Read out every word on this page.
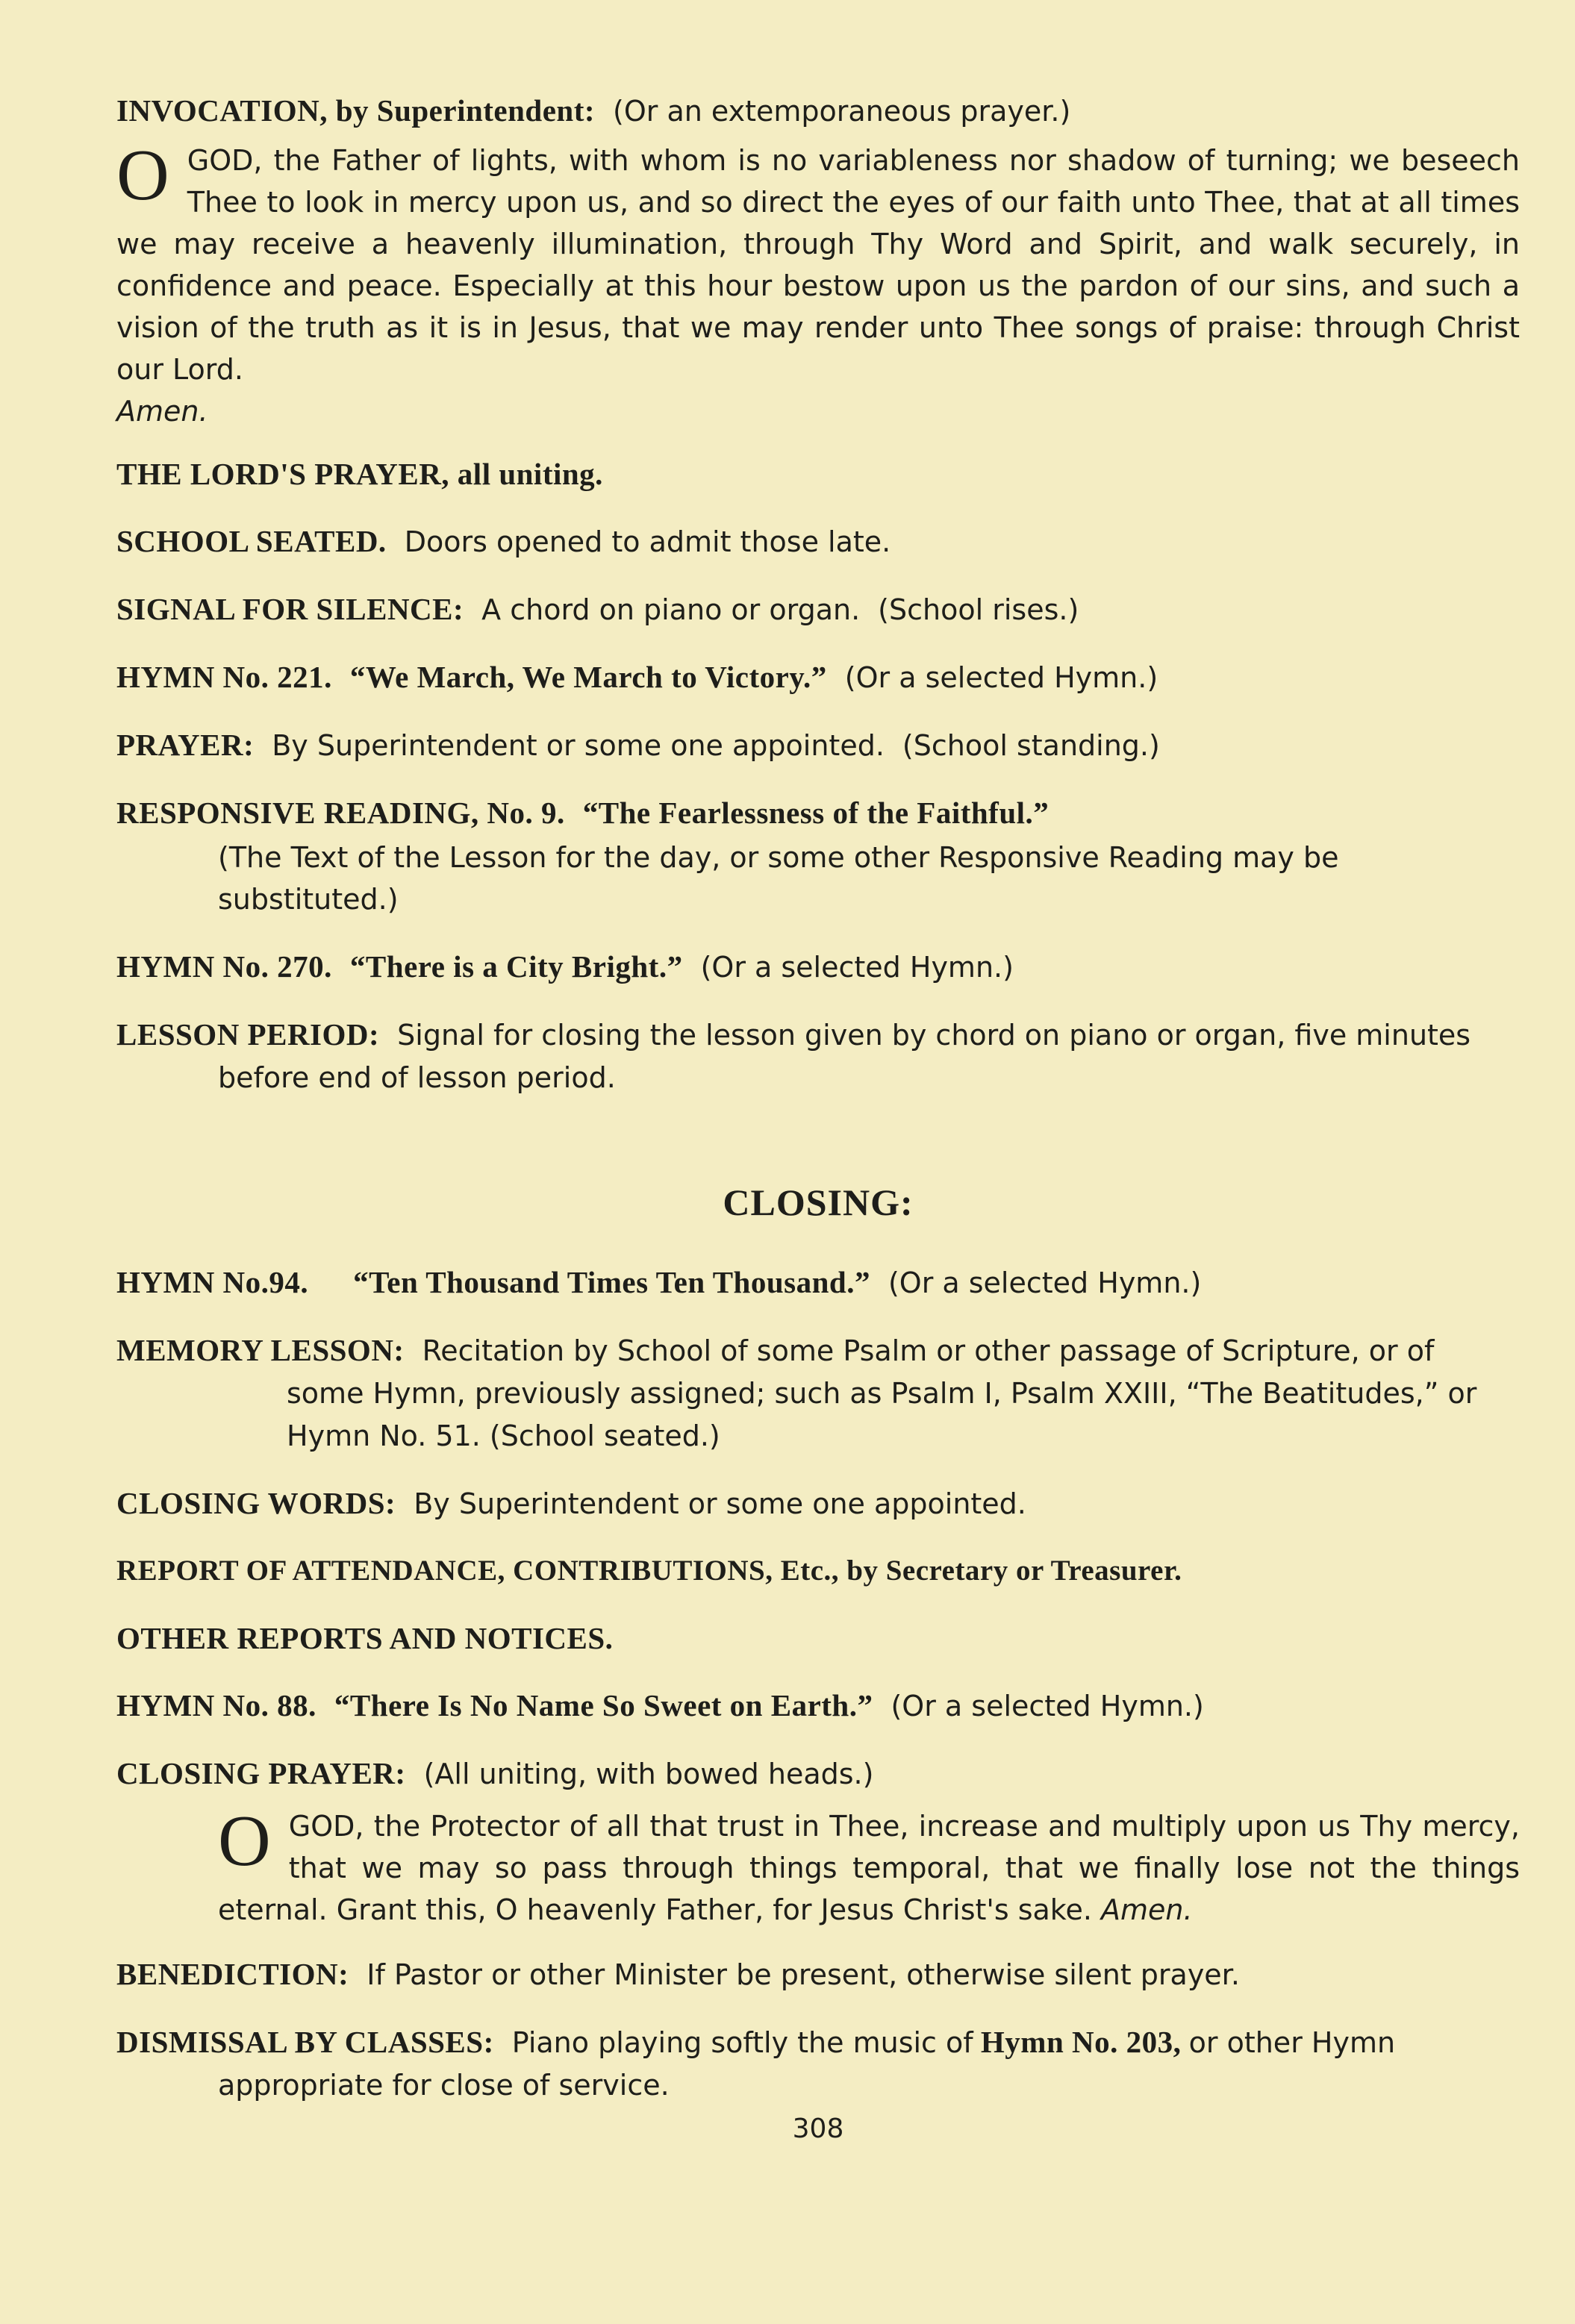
INVOCATION, by Superintendent: (Or an extemporaneous prayer.)

OGOD, the Father of lights, with whom is no variableness nor shadow of turning; we beseech Thee to look in mercy upon us, and so direct the eyes of our faith unto Thee, that at all times we may receive a heavenly illumination, through Thy Word and Spirit, and walk securely, in confidence and peace. Especially at this hour bestow upon us the pardon of our sins, and such a vision of the truth as it is in Jesus, that we may render unto Thee songs of praise: through Christ our Lord.

Amen.

THE LORD'S PRAYER, all uniting.

SCHOOL SEATED. Doors opened to admit those late.

SIGNAL FOR SILENCE: A chord on piano or organ. (School rises.)

HYMN No. 221. “We March, We March to Victory.” (Or a selected Hymn.)

PRAYER: By Superintendent or some one appointed. (School standing.)

RESPONSIVE READING, No. 9. “The Fearlessness of the Faithful.”

(The Text of the Lesson for the day, or some other Responsive Reading may be substituted.)

HYMN No. 270. “There is a City Bright.” (Or a selected Hymn.)

LESSON PERIOD: Signal for closing the lesson given by chord on piano or organ, five minutes before end of lesson period.

CLOSING:

HYMN No.94. “Ten Thousand Times Ten Thousand.” (Or a selected Hymn.)

MEMORY LESSON: Recitation by School of some Psalm or other passage of Scripture, or of some Hymn, previously assigned; such as Psalm I, Psalm XXIII, “The Beatitudes,” or Hymn No. 51. (School seated.)

CLOSING WORDS: By Superintendent or some one appointed.

REPORT OF ATTENDANCE, CONTRIBUTIONS, Etc., by Secretary or Treasurer.

OTHER REPORTS AND NOTICES.

HYMN No. 88. “There Is No Name So Sweet on Earth.” (Or a selected Hymn.)

CLOSING PRAYER: (All uniting, with bowed heads.)

OGOD, the Protector of all that trust in Thee, increase and multiply upon us Thy mercy, that we may so pass through things temporal, that we finally lose not the things eternal. Grant this, O heavenly Father, for Jesus Christ's sake. Amen.

BENEDICTION: If Pastor or other Minister be present, otherwise silent prayer.

DISMISSAL BY CLASSES: Piano playing softly the music of Hymn No. 203, or other Hymn appropriate for close of service.

308
